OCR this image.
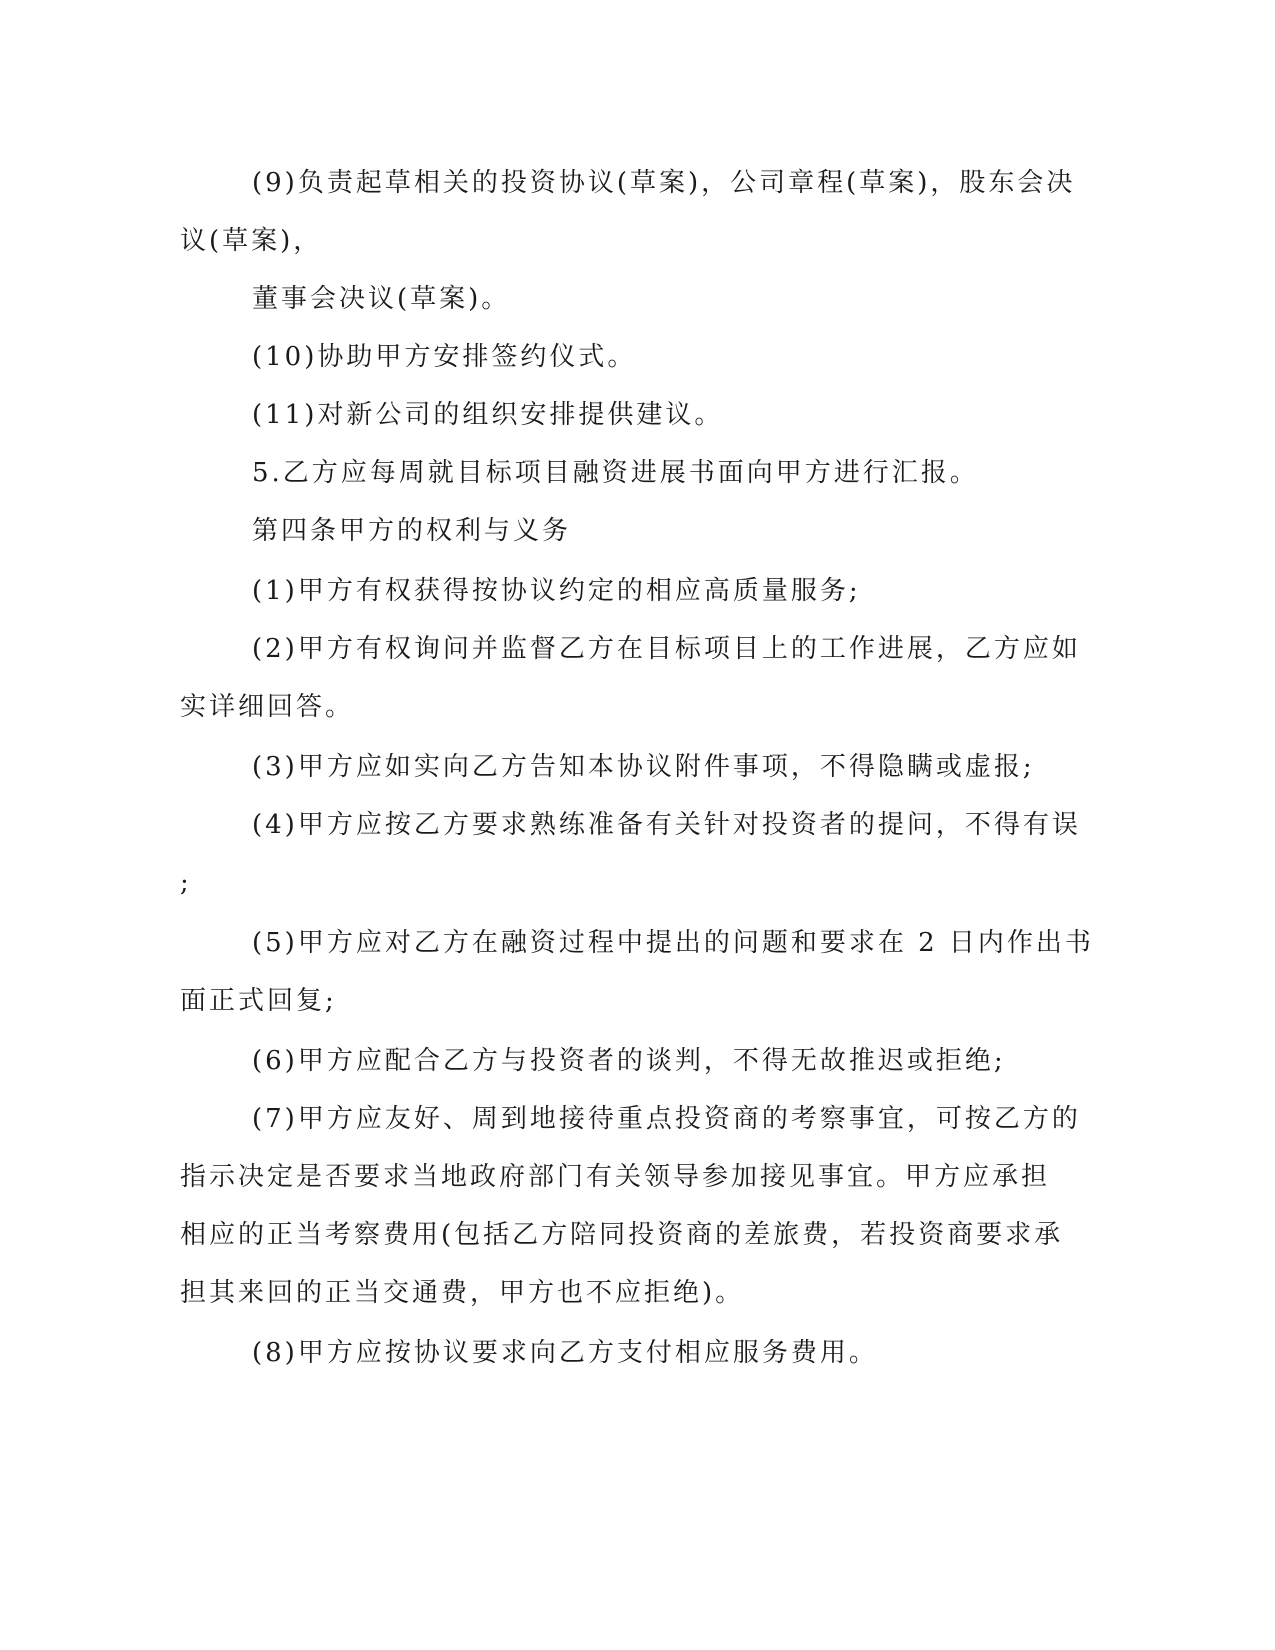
(9)负责起草相关的投资协议(草案)，公司章程(草案)，股东会决

议(草案)，

董事会决议(草案)。

(10)协助甲方安排签约仪式。

(11)对新公司的组织安排提供建议。

5.乙方应每周就目标项目融资进展书面向甲方进行汇报。

第四条甲方的权利与义务

(1)甲方有权获得按协议约定的相应高质量服务;

(2)甲方有权询问并监督乙方在目标项目上的工作进展，乙方应如

实详细回答。

(3)甲方应如实向乙方告知本协议附件事项，不得隐瞒或虚报;

(4)甲方应按乙方要求熟练准备有关针对投资者的提问，不得有误

;

(5)甲方应对乙方在融资过程中提出的问题和要求在 2 日内作出书

面正式回复;

(6)甲方应配合乙方与投资者的谈判，不得无故推迟或拒绝;

(7)甲方应友好、周到地接待重点投资商的考察事宜，可按乙方的

指示决定是否要求当地政府部门有关领导参加接见事宜。甲方应承担

相应的正当考察费用(包括乙方陪同投资商的差旅费，若投资商要求承

担其来回的正当交通费，甲方也不应拒绝)。

(8)甲方应按协议要求向乙方支付相应服务费用。
